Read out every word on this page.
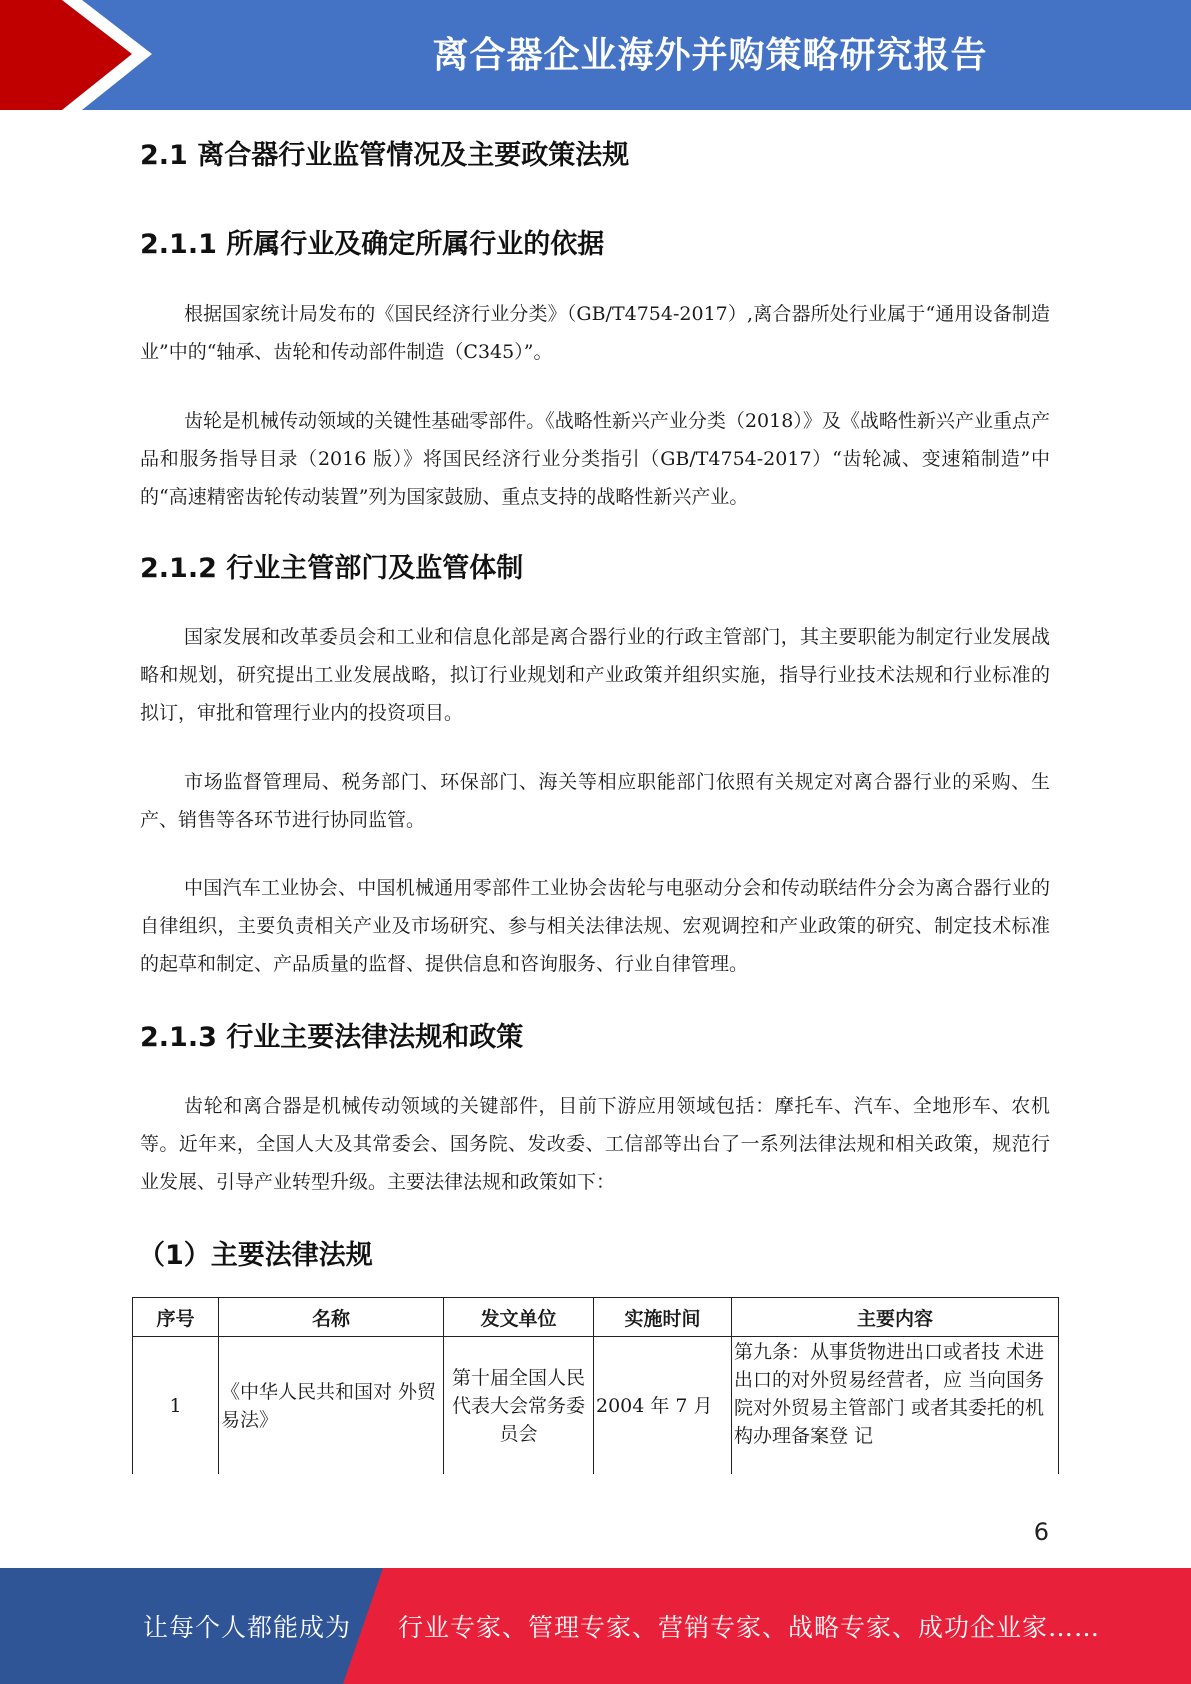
离合器企业海外并购策略研究报告
2.1 离合器行业监管情况及主要政策法规
2.1.1 所属行业及确定所属行业的依据

根据国家统计局发布的《国民经济行业分类》（GB/T4754-2017）,离合器所处行业属于“通用设备制造业”中的“轴承、齿轮和传动部件制造（C345）”。

齿轮是机械传动领域的关键性基础零部件。《战略性新兴产业分类（2018）》及《战略性新兴产业重点产品和服务指导目录（2016 版）》将国民经济行业分类指引（GB/T4754-2017）“齿轮减、变速箱制造”中的“高速精密齿轮传动装置”列为国家鼓励、重点支持的战略性新兴产业。

2.1.2 行业主管部门及监管体制

国家发展和改革委员会和工业和信息化部是离合器行业的行政主管部门，其主要职能为制定行业发展战略和规划，研究提出工业发展战略，拟订行业规划和产业政策并组织实施，指导行业技术法规和行业标准的拟订，审批和管理行业内的投资项目。

市场监督管理局、税务部门、环保部门、海关等相应职能部门依照有关规定对离合器行业的采购、生产、销售等各环节进行协同监管。

中国汽车工业协会、中国机械通用零部件工业协会齿轮与电驱动分会和传动联结件分会为离合器行业的自律组织，主要负责相关产业及市场研究、参与相关法律法规、宏观调控和产业政策的研究、制定技术标准的起草和制定、产品质量的监督、提供信息和咨询服务、行业自律管理。

2.1.3 行业主要法律法规和政策

齿轮和离合器是机械传动领域的关键部件，目前下游应用领域包括：摩托车、汽车、全地形车、农机等。近年来，全国人大及其常委会、国务院、发改委、工信部等出台了一系列法律法规和相关政策，规范行业发展、引导产业转型升级。主要法律法规和政策如下：

（1）主要法律法规
序号	名称	发文单位	实施时间	主要内容
1	《中华人民共和国对 外贸易法》	第十届全国人民代表大会常务委员会	2004 年 7 月	第九条：从事货物进出口或者技 术进出口的对外贸易经营者，应 当向国务院对外贸易主管部门 或者其委托的机构办理备案登 记
6
让每个人都能成为 行业专家、管理专家、营销专家、战略专家、成功企业家……
